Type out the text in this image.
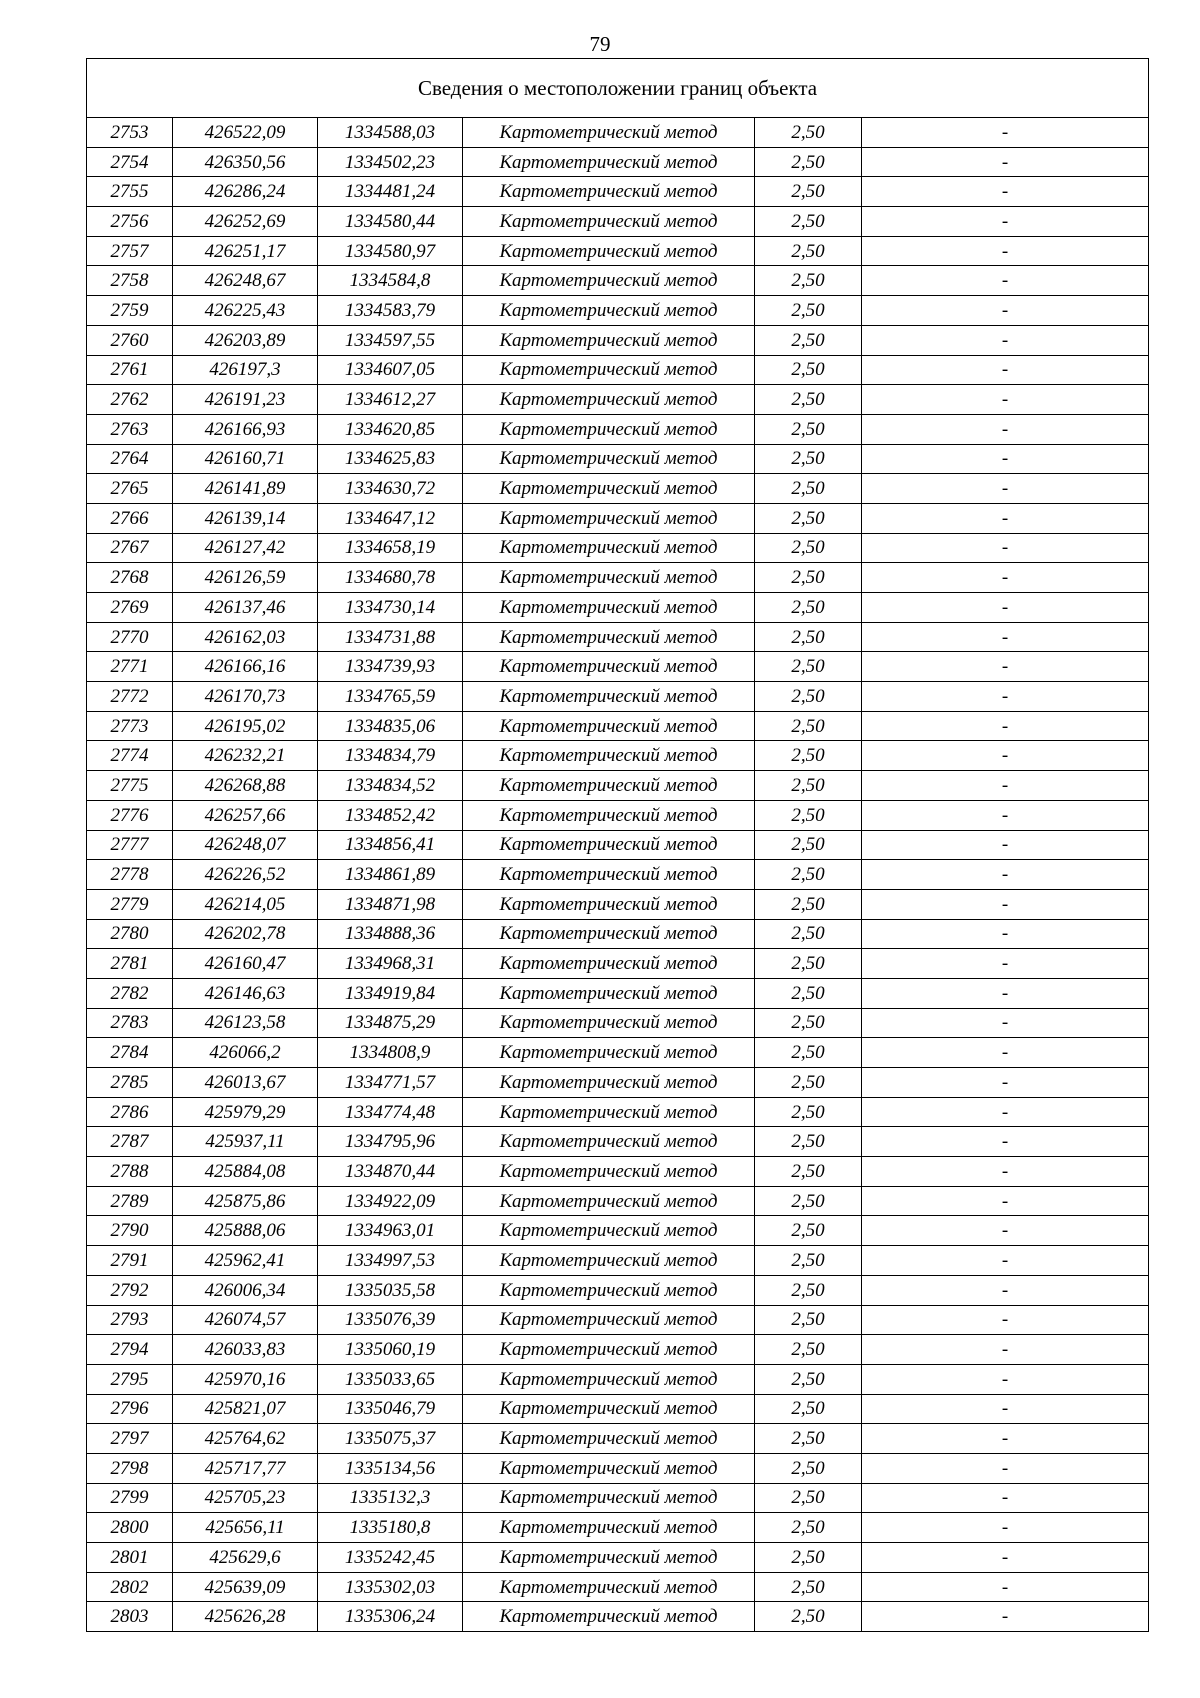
79
Сведения о местоположении границ объекта					
2753	426522,09	1334588,03	Картометрический метод	2,50	-
2754	426350,56	1334502,23	Картометрический метод	2,50	-
2755	426286,24	1334481,24	Картометрический метод	2,50	-
2756	426252,69	1334580,44	Картометрический метод	2,50	-
2757	426251,17	1334580,97	Картометрический метод	2,50	-
2758	426248,67	1334584,8	Картометрический метод	2,50	-
2759	426225,43	1334583,79	Картометрический метод	2,50	-
2760	426203,89	1334597,55	Картометрический метод	2,50	-
2761	426197,3	1334607,05	Картометрический метод	2,50	-
2762	426191,23	1334612,27	Картометрический метод	2,50	-
2763	426166,93	1334620,85	Картометрический метод	2,50	-
2764	426160,71	1334625,83	Картометрический метод	2,50	-
2765	426141,89	1334630,72	Картометрический метод	2,50	-
2766	426139,14	1334647,12	Картометрический метод	2,50	-
2767	426127,42	1334658,19	Картометрический метод	2,50	-
2768	426126,59	1334680,78	Картометрический метод	2,50	-
2769	426137,46	1334730,14	Картометрический метод	2,50	-
2770	426162,03	1334731,88	Картометрический метод	2,50	-
2771	426166,16	1334739,93	Картометрический метод	2,50	-
2772	426170,73	1334765,59	Картометрический метод	2,50	-
2773	426195,02	1334835,06	Картометрический метод	2,50	-
2774	426232,21	1334834,79	Картометрический метод	2,50	-
2775	426268,88	1334834,52	Картометрический метод	2,50	-
2776	426257,66	1334852,42	Картометрический метод	2,50	-
2777	426248,07	1334856,41	Картометрический метод	2,50	-
2778	426226,52	1334861,89	Картометрический метод	2,50	-
2779	426214,05	1334871,98	Картометрический метод	2,50	-
2780	426202,78	1334888,36	Картометрический метод	2,50	-
2781	426160,47	1334968,31	Картометрический метод	2,50	-
2782	426146,63	1334919,84	Картометрический метод	2,50	-
2783	426123,58	1334875,29	Картометрический метод	2,50	-
2784	426066,2	1334808,9	Картометрический метод	2,50	-
2785	426013,67	1334771,57	Картометрический метод	2,50	-
2786	425979,29	1334774,48	Картометрический метод	2,50	-
2787	425937,11	1334795,96	Картометрический метод	2,50	-
2788	425884,08	1334870,44	Картометрический метод	2,50	-
2789	425875,86	1334922,09	Картометрический метод	2,50	-
2790	425888,06	1334963,01	Картометрический метод	2,50	-
2791	425962,41	1334997,53	Картометрический метод	2,50	-
2792	426006,34	1335035,58	Картометрический метод	2,50	-
2793	426074,57	1335076,39	Картометрический метод	2,50	-
2794	426033,83	1335060,19	Картометрический метод	2,50	-
2795	425970,16	1335033,65	Картометрический метод	2,50	-
2796	425821,07	1335046,79	Картометрический метод	2,50	-
2797	425764,62	1335075,37	Картометрический метод	2,50	-
2798	425717,77	1335134,56	Картометрический метод	2,50	-
2799	425705,23	1335132,3	Картометрический метод	2,50	-
2800	425656,11	1335180,8	Картометрический метод	2,50	-
2801	425629,6	1335242,45	Картометрический метод	2,50	-
2802	425639,09	1335302,03	Картометрический метод	2,50	-
2803	425626,28	1335306,24	Картометрический метод	2,50	-
